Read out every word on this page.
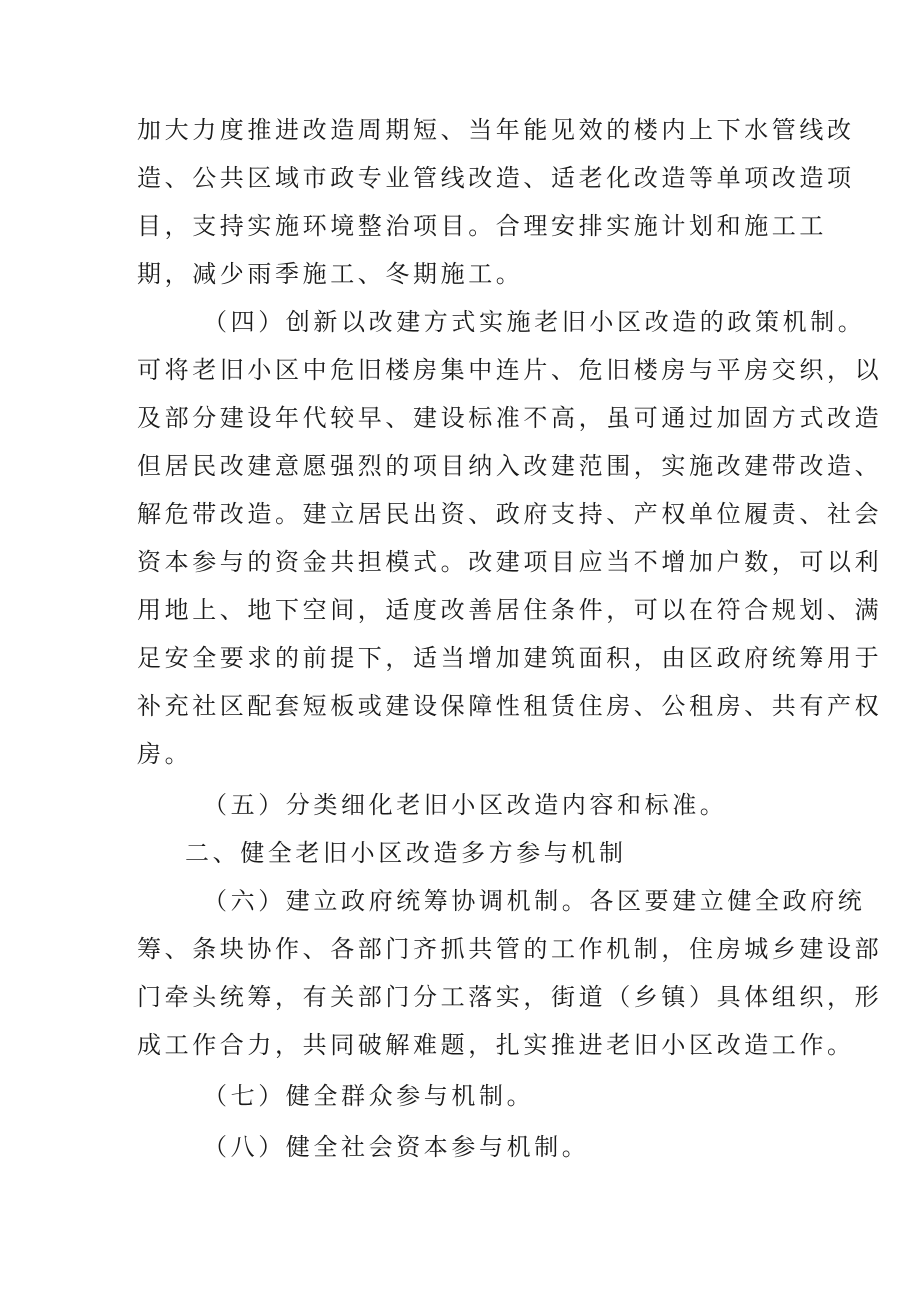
加大力度推进改造周期短、当年能见效的楼内上下水管线改
造、公共区域市政专业管线改造、适老化改造等单项改造项
目，支持实施环境整治项目。合理安排实施计划和施工工
期，减少雨季施工、冬期施工。
（四）创新以改建方式实施老旧小区改造的政策机制。
可将老旧小区中危旧楼房集中连片、危旧楼房与平房交织，以
及部分建设年代较早、建设标准不高，虽可通过加固方式改造
但居民改建意愿强烈的项目纳入改建范围，实施改建带改造、
解危带改造。建立居民出资、政府支持、产权单位履责、社会
资本参与的资金共担模式。改建项目应当不增加户数，可以利
用地上、地下空间，适度改善居住条件，可以在符合规划、满
足安全要求的前提下，适当增加建筑面积，由区政府统筹用于
补充社区配套短板或建设保障性租赁住房、公租房、共有产权
房。
（五）分类细化老旧小区改造内容和标准。
二、健全老旧小区改造多方参与机制
（六）建立政府统筹协调机制。各区要建立健全政府统
筹、条块协作、各部门齐抓共管的工作机制，住房城乡建设部
门牵头统筹，有关部门分工落实，街道（乡镇）具体组织，形
成工作合力，共同破解难题，扎实推进老旧小区改造工作。
（七）健全群众参与机制。
（八）健全社会资本参与机制。
